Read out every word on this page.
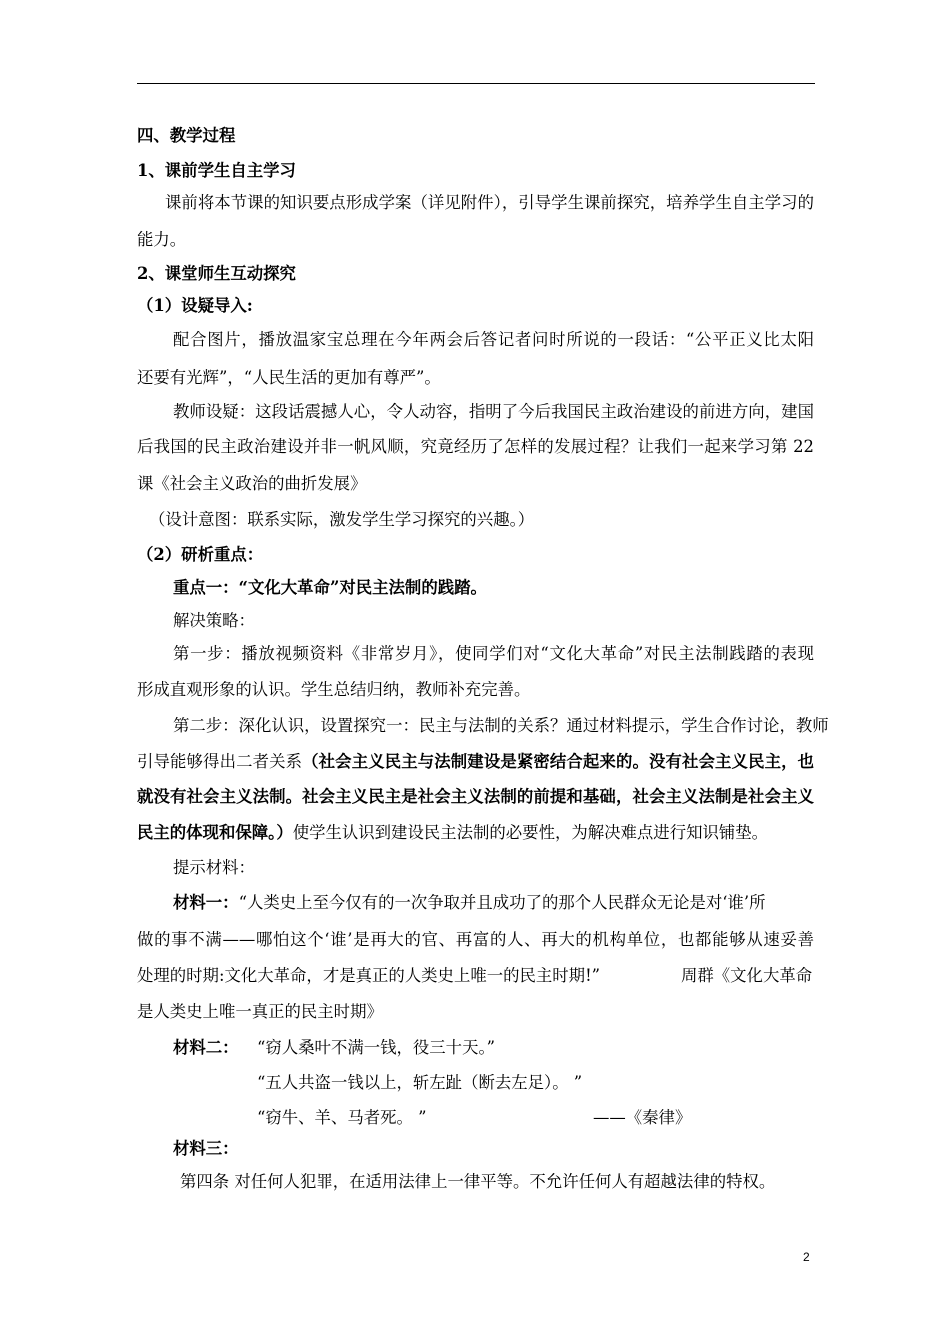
四、教学过程
1、课前学生自主学习
课前将本节课的知识要点形成学案（详见附件），引导学生课前探究，培养学生自主学习的
能力。
2、课堂师生互动探究
（1）设疑导入:
配合图片，播放温家宝总理在今年两会后答记者问时所说的一段话：“公平正义比太阳
还要有光辉”，“人民生活的更加有尊严”。
教师设疑：这段话震撼人心，令人动容，指明了今后我国民主政治建设的前进方向，建国
后我国的民主政治建设并非一帆风顺，究竟经历了怎样的发展过程？让我们一起来学习第 22
课《社会主义政治的曲折发展》
（设计意图：联系实际，激发学生学习探究的兴趣。）
（2）研析重点：
重点一：“文化大革命”对民主法制的践踏。
解决策略：
第一步：播放视频资料《非常岁月》，使同学们对“文化大革命”对民主法制践踏的表现
形成直观形象的认识。学生总结归纳，教师补充完善。
第二步：深化认识，设置探究一：民主与法制的关系？通过材料提示，学生合作讨论，教师
引导能够得出二者关系（社会主义民主与法制建设是紧密结合起来的。没有社会主义民主，也
就没有社会主义法制。社会主义民主是社会主义法制的前提和基础，社会主义法制是社会主义
民主的体现和保障。）使学生认识到建设民主法制的必要性，为解决难点进行知识铺垫。
提示材料：
材料一：“人类史上至今仅有的一次争取并且成功了的那个人民群众无论是对‘谁’所
做的事不满——哪怕这个‘谁’是再大的官、再富的人、再大的机构单位，也都能够从速妥善
处理的时期:文化大革命，才是真正的人类史上唯一的民主时期!”	周群《文化大革命
是人类史上唯一真正的民主时期》
材料二：	“窃人桑叶不满一钱，役三十天。”
“五人共盗一钱以上，斩左趾（断去左足）。 ”
“窃牛、羊、马者死。 ”	——《秦律》
材料三：
第四条 对任何人犯罪，在适用法律上一律平等。不允许任何人有超越法律的特权。
2
